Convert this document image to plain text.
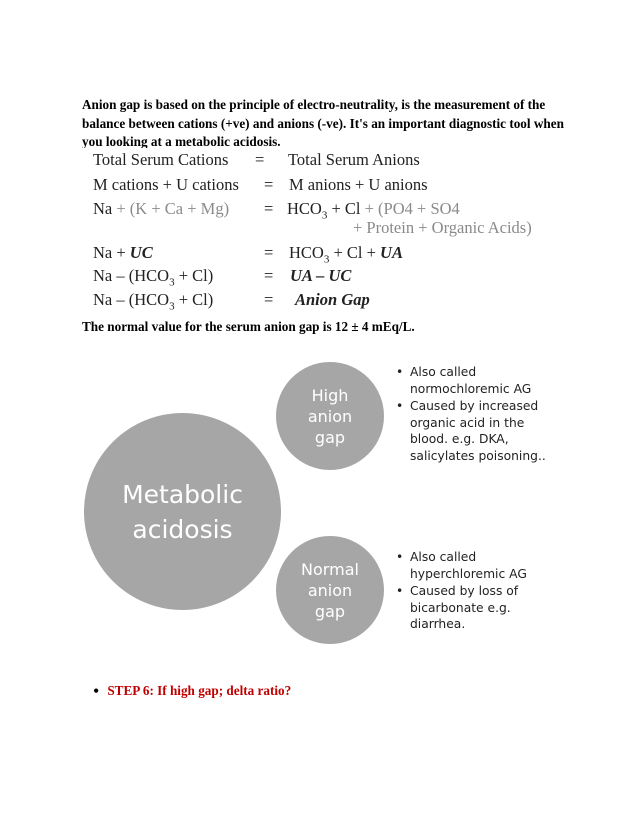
Anion gap is based on the principle of electro-neutrality, is the measurement of the balance between cations (+ve) and anions (-ve). It's an important diagnostic tool when you looking at a metabolic acidosis.
Total Serum Cations = Total Serum Anions
M cations + U cations = M anions + U anions
$Na + (K + Ca + Mg) = HCO_3 + Cl + (PO4 + SO4$
+ Protein + Organic Acids)
Na + UC	= $HCO_3 + Cl$ + UA
$Na - (HCO_3 + Cl)$	= UA – UC
$Na - (HCO_3 + Cl)$	= Anion Gap
The normal value for the serum anion gap is 12 ± 4 mEq/L.
Metabolic
acidosis
High
anion
gap
Normal
anion
gap
• Also called normochloremic AG
• Caused by increased organic acid in the blood. e.g. DKA, salicylates poisoning..
• Also called hyperchloremic AG
• Caused by loss of bicarbonate e.g. diarrhea.
• STEP 6: If high gap; delta ratio?
